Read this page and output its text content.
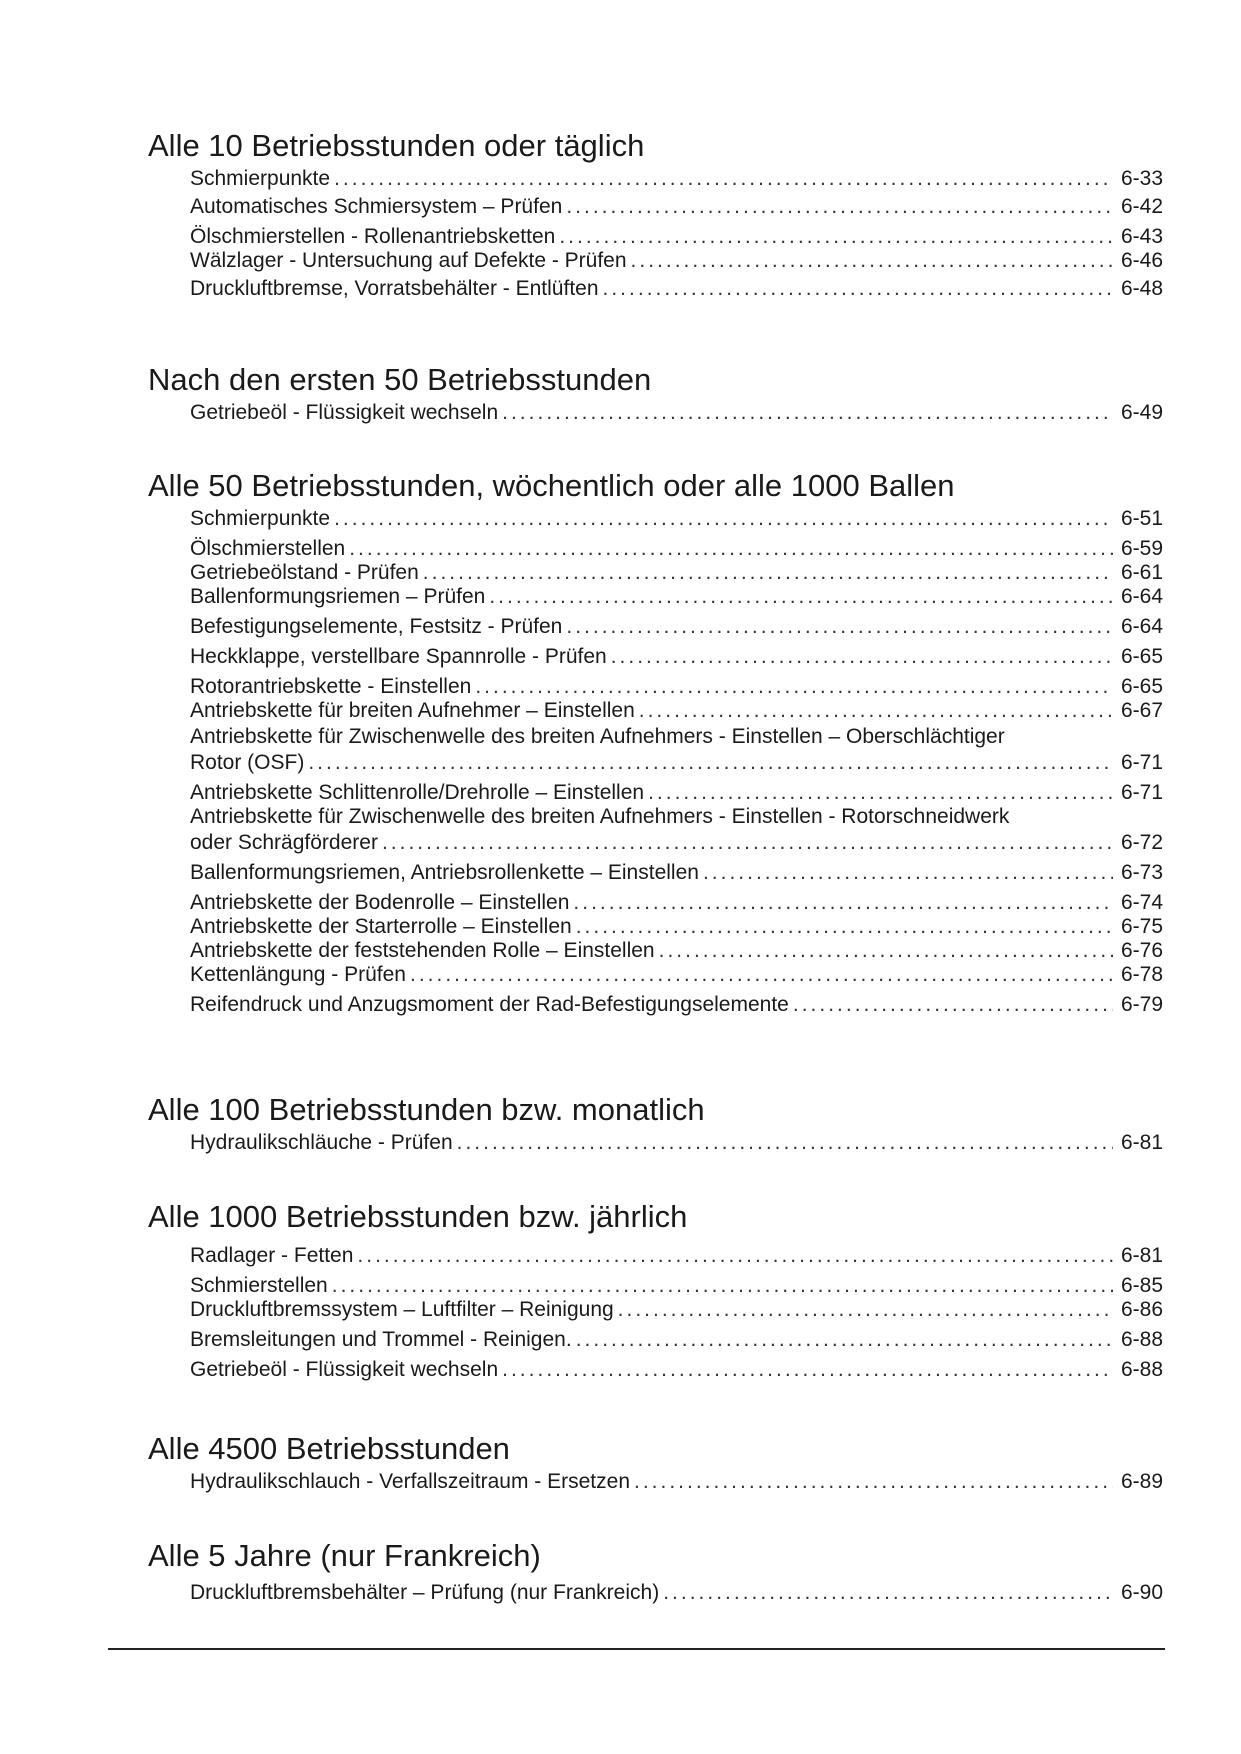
Alle 10 Betriebsstunden oder täglich
Schmierpunkte .....	6-33
Automatisches Schmiersystem – Prüfen .....	6-42
Ölschmierstellen - Rollenantriebsketten .....	6-43
Wälzlager - Untersuchung auf Defekte - Prüfen .....	6-46
Druckluftbremse, Vorratsbehälter - Entlüften .....	6-48
Nach den ersten 50 Betriebsstunden
Getriebeöl - Flüssigkeit wechseln .....	6-49
Alle 50 Betriebsstunden, wöchentlich oder alle 1000 Ballen
Schmierpunkte .....	6-51
Ölschmierstellen .....	6-59
Getriebeölstand - Prüfen .....	6-61
Ballenformungsriemen – Prüfen .....	6-64
Befestigungselemente, Festsitz - Prüfen .....	6-64
Heckklappe, verstellbare Spannrolle - Prüfen .....	6-65
Rotorantriebskette - Einstellen .....	6-65
Antriebskette für breiten Aufnehmer – Einstellen .....	6-67
Antriebskette für Zwischenwelle des breiten Aufnehmers - Einstellen – Oberschlächtiger
Rotor (OSF) .....	6-71
Antriebskette Schlittenrolle/Drehrolle – Einstellen .....	6-71
Antriebskette für Zwischenwelle des breiten Aufnehmers - Einstellen - Rotorschneidwerk
oder Schrägförderer .....	6-72
Ballenformungsriemen, Antriebsrollenkette – Einstellen .....	6-73
Antriebskette der Bodenrolle – Einstellen .....	6-74
Antriebskette der Starterrolle – Einstellen .....	6-75
Antriebskette der feststehenden Rolle – Einstellen .....	6-76
Kettenlängung - Prüfen .....	6-78
Reifendruck und Anzugsmoment der Rad-Befestigungselemente .....	6-79
Alle 100 Betriebsstunden bzw. monatlich
Hydraulikschläuche - Prüfen .....	6-81
Alle 1000 Betriebsstunden bzw. jährlich
Radlager - Fetten .....	6-81
Schmierstellen .....	6-85
Druckluftbremssystem – Luftfilter – Reinigung .....	6-86
Bremsleitungen und Trommel - Reinigen. .....	6-88
Getriebeöl - Flüssigkeit wechseln .....	6-88
Alle 4500 Betriebsstunden
Hydraulikschlauch - Verfallszeitraum - Ersetzen .....	6-89
Alle 5 Jahre (nur Frankreich)
Druckluftbremsbehälter – Prüfung (nur Frankreich) .....	6-90
